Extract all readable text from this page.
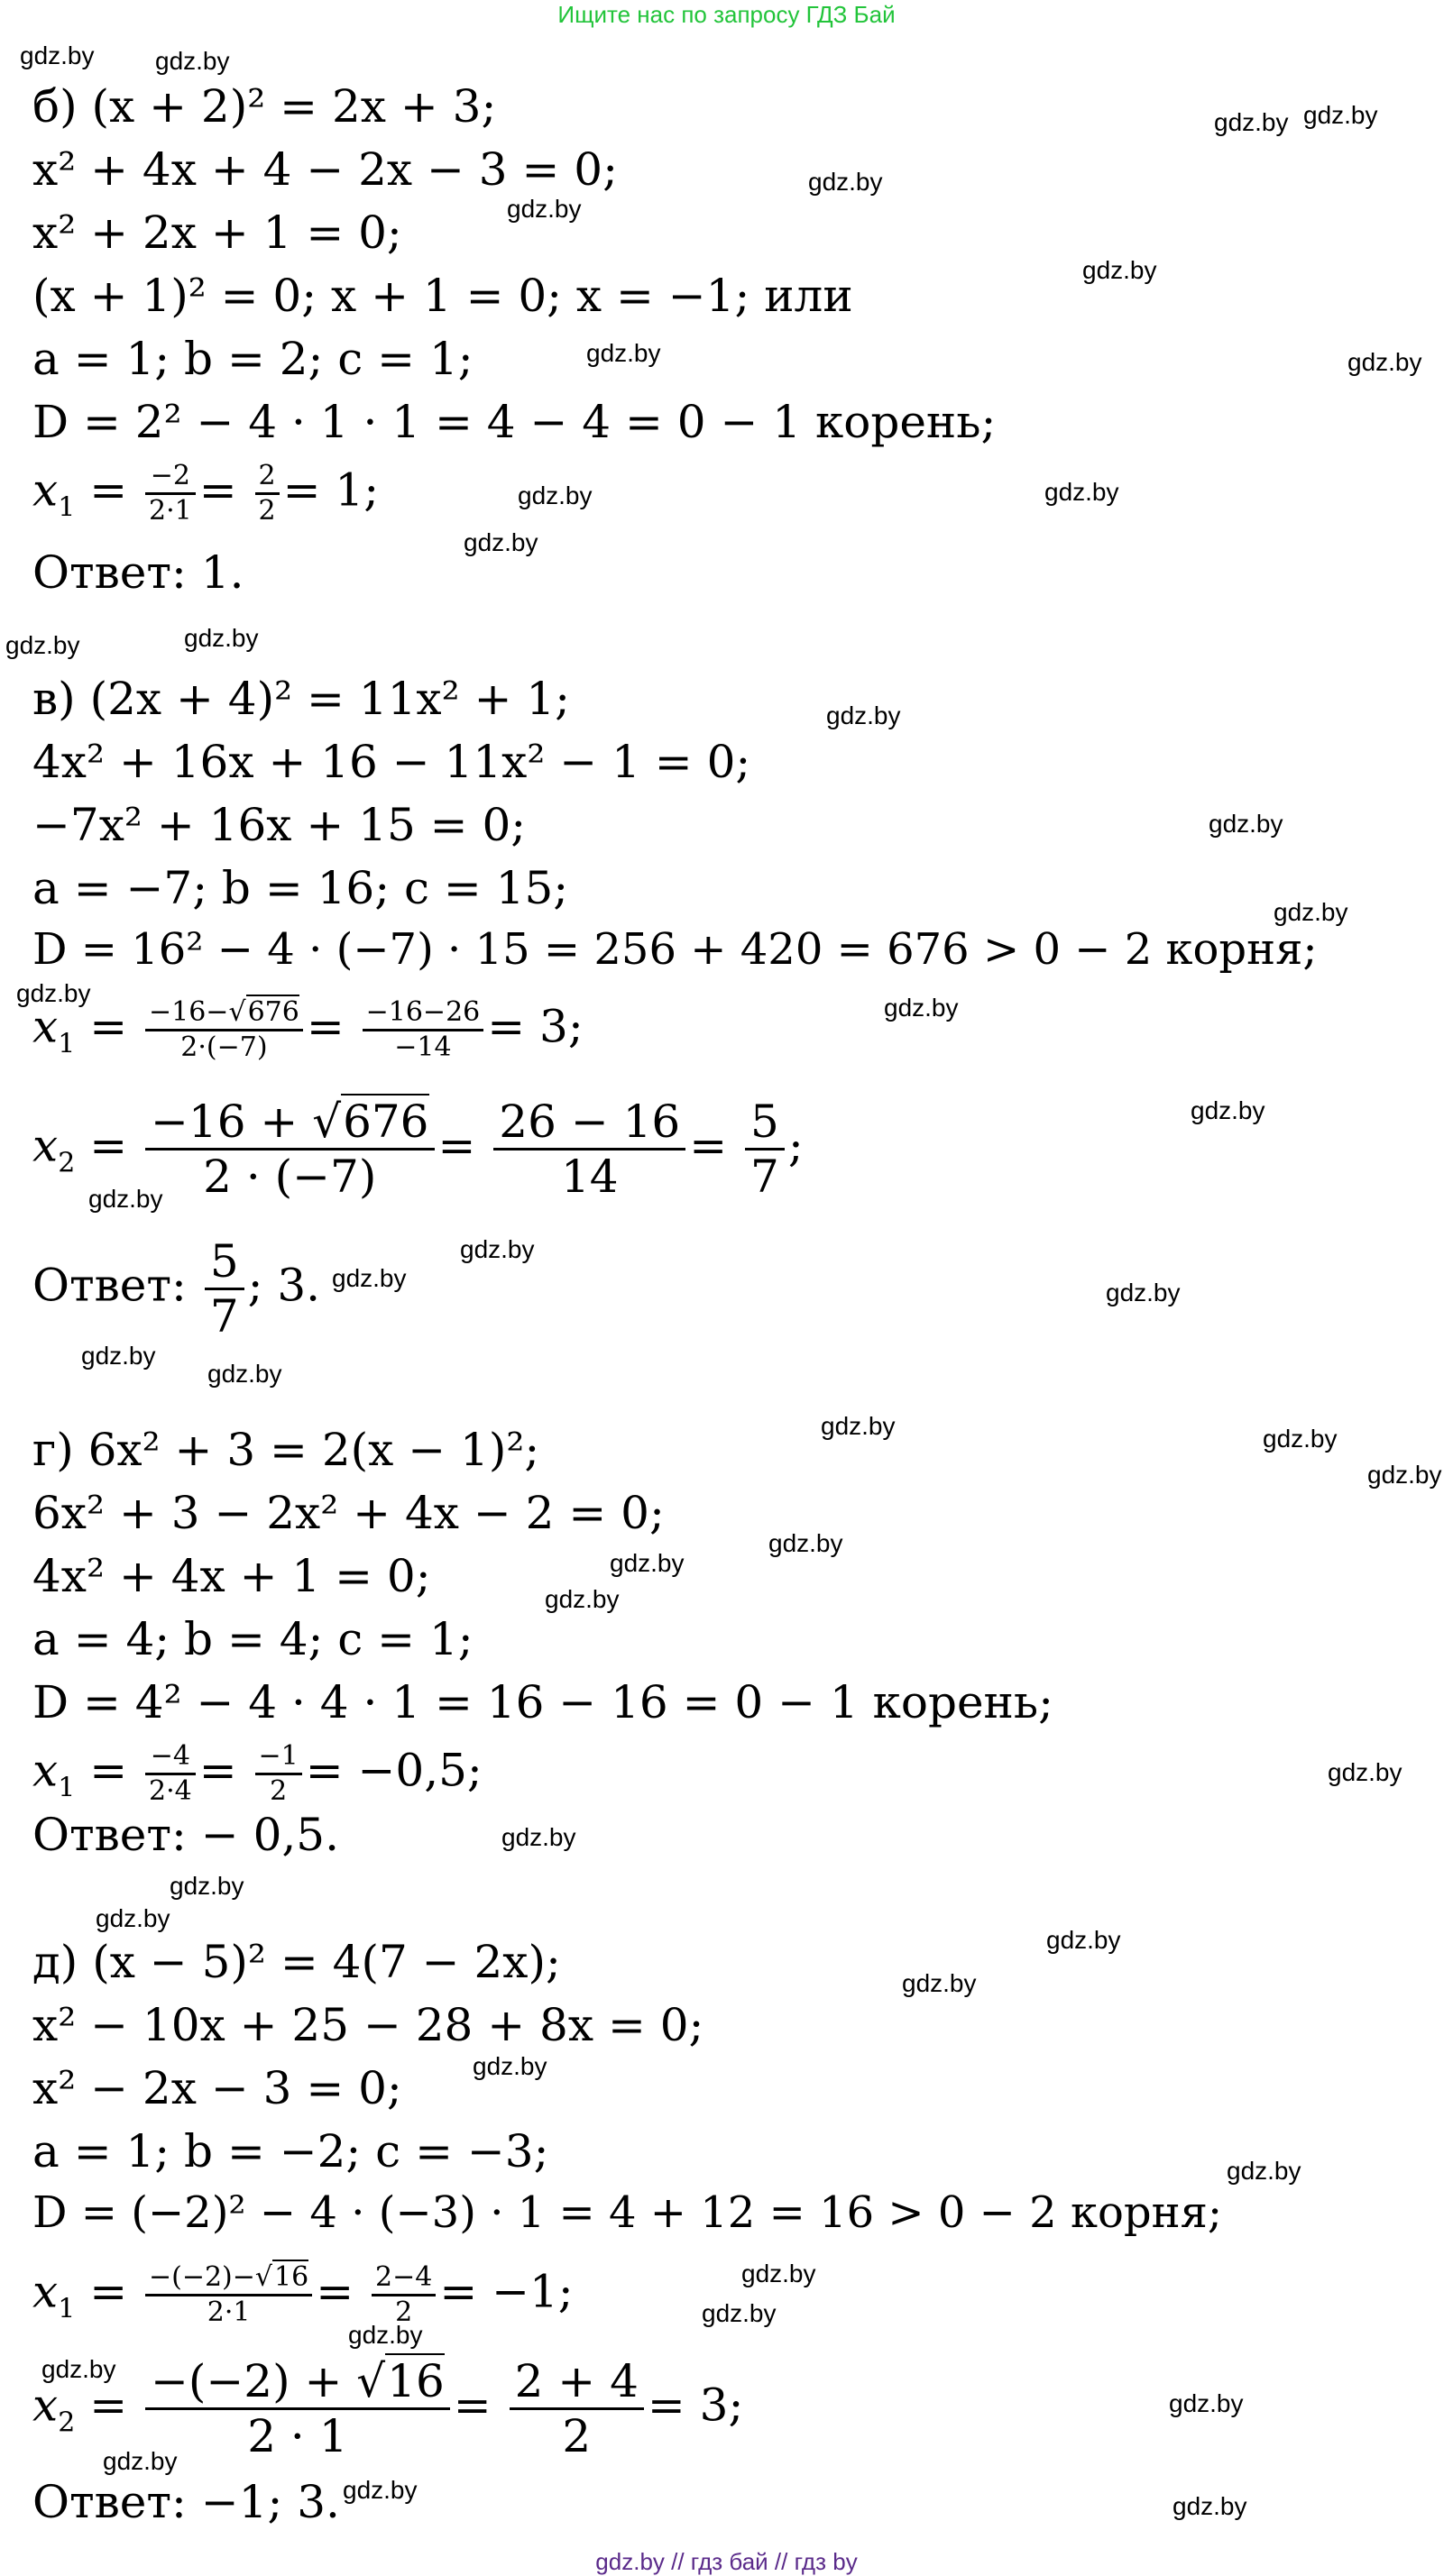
Ищите нас по запросу ГДЗ Бай
б) (x + 2)² = 2x + 3;
x² + 4x + 4 − 2x − 3 = 0;
x² + 2x + 1 = 0;
(x + 1)² = 0; x + 1 = 0; x = −1; или
a = 1; b = 2; c = 1;
D = 2² − 4 · 1 · 1 = 4 − 4 = 0 − 1 корень;
$x_1 = \frac{-2}{2\cdot 1} = \frac{2}{2} = 1$;
Ответ: 1.
в) (2x + 4)² = 11x² + 1;
4x² + 16x + 16 − 11x² − 1 = 0;
−7x² + 16x + 15 = 0;
a = −7; b = 16; c = 15;
D = 16² − 4 · (−7) · 15 = 256 + 420 = 676 > 0 − 2 корня;
$x_1 = \frac{-16-√676}{2\cdot(-7)} = \frac{-16-26}{-14} = 3$;
$x_2 = \frac{-16 + √676}{2 \cdot (-7)} = \frac{26 - 16}{14} = \frac{5}{7}$ ;
Ответ: $\frac{5}{7}$ ; 3.
г) 6x² + 3 = 2(x − 1)²;
6x² + 3 − 2x² + 4x − 2 = 0;
4x² + 4x + 1 = 0;
a = 4; b = 4; c = 1;
D = 4² − 4 · 4 · 1 = 16 − 16 = 0 − 1 корень;
$x_1 = \frac{-4}{2\cdot 4} = \frac{-1}{2} = -0,5$;
Ответ: − 0,5.
д) (x − 5)² = 4(7 − 2x);
x² − 10x + 25 − 28 + 8x = 0;
x² − 2x − 3 = 0;
a = 1; b = −2; c = −3;
D = (−2)² − 4 · (−3) · 1 = 4 + 12 = 16 > 0 − 2 корня;
$x_1 = \frac{-(-2)-√16}{2\cdot 1} = \frac{2-4}{2} = -1$;
$x_2 = \frac{-(-2) + √16}{2 \cdot 1} = \frac{2 + 4}{2} = 3$;
Ответ: −1; 3.
gdz.by gdz.by
gdz.by gdz.by
gdz.by
gdz.by
gdz.by
gdz.by	gdz.by
gdz.by	gdz.by
gdz.by
gdz.by	gdz.by
gdz.by
gdz.by
gdz.by
gdz.by
gdz.by
gdz.by
gdz.by
gdz.by
gdz.by
gdz.by
gdz.by
gdz.by
gdz.by	gdz.by
gdz.by
gdz.by
gdz.by
gdz.by
gdz.by
gdz.by
gdz.by
gdz.by
gdz.by
gdz.by
gdz.by
gdz.by
gdz.by
gdz.by
gdz.by
gdz.by
gdz.by
gdz.by
gdz.by
gdz.by
gdz.by // гдз бай // гдз by
